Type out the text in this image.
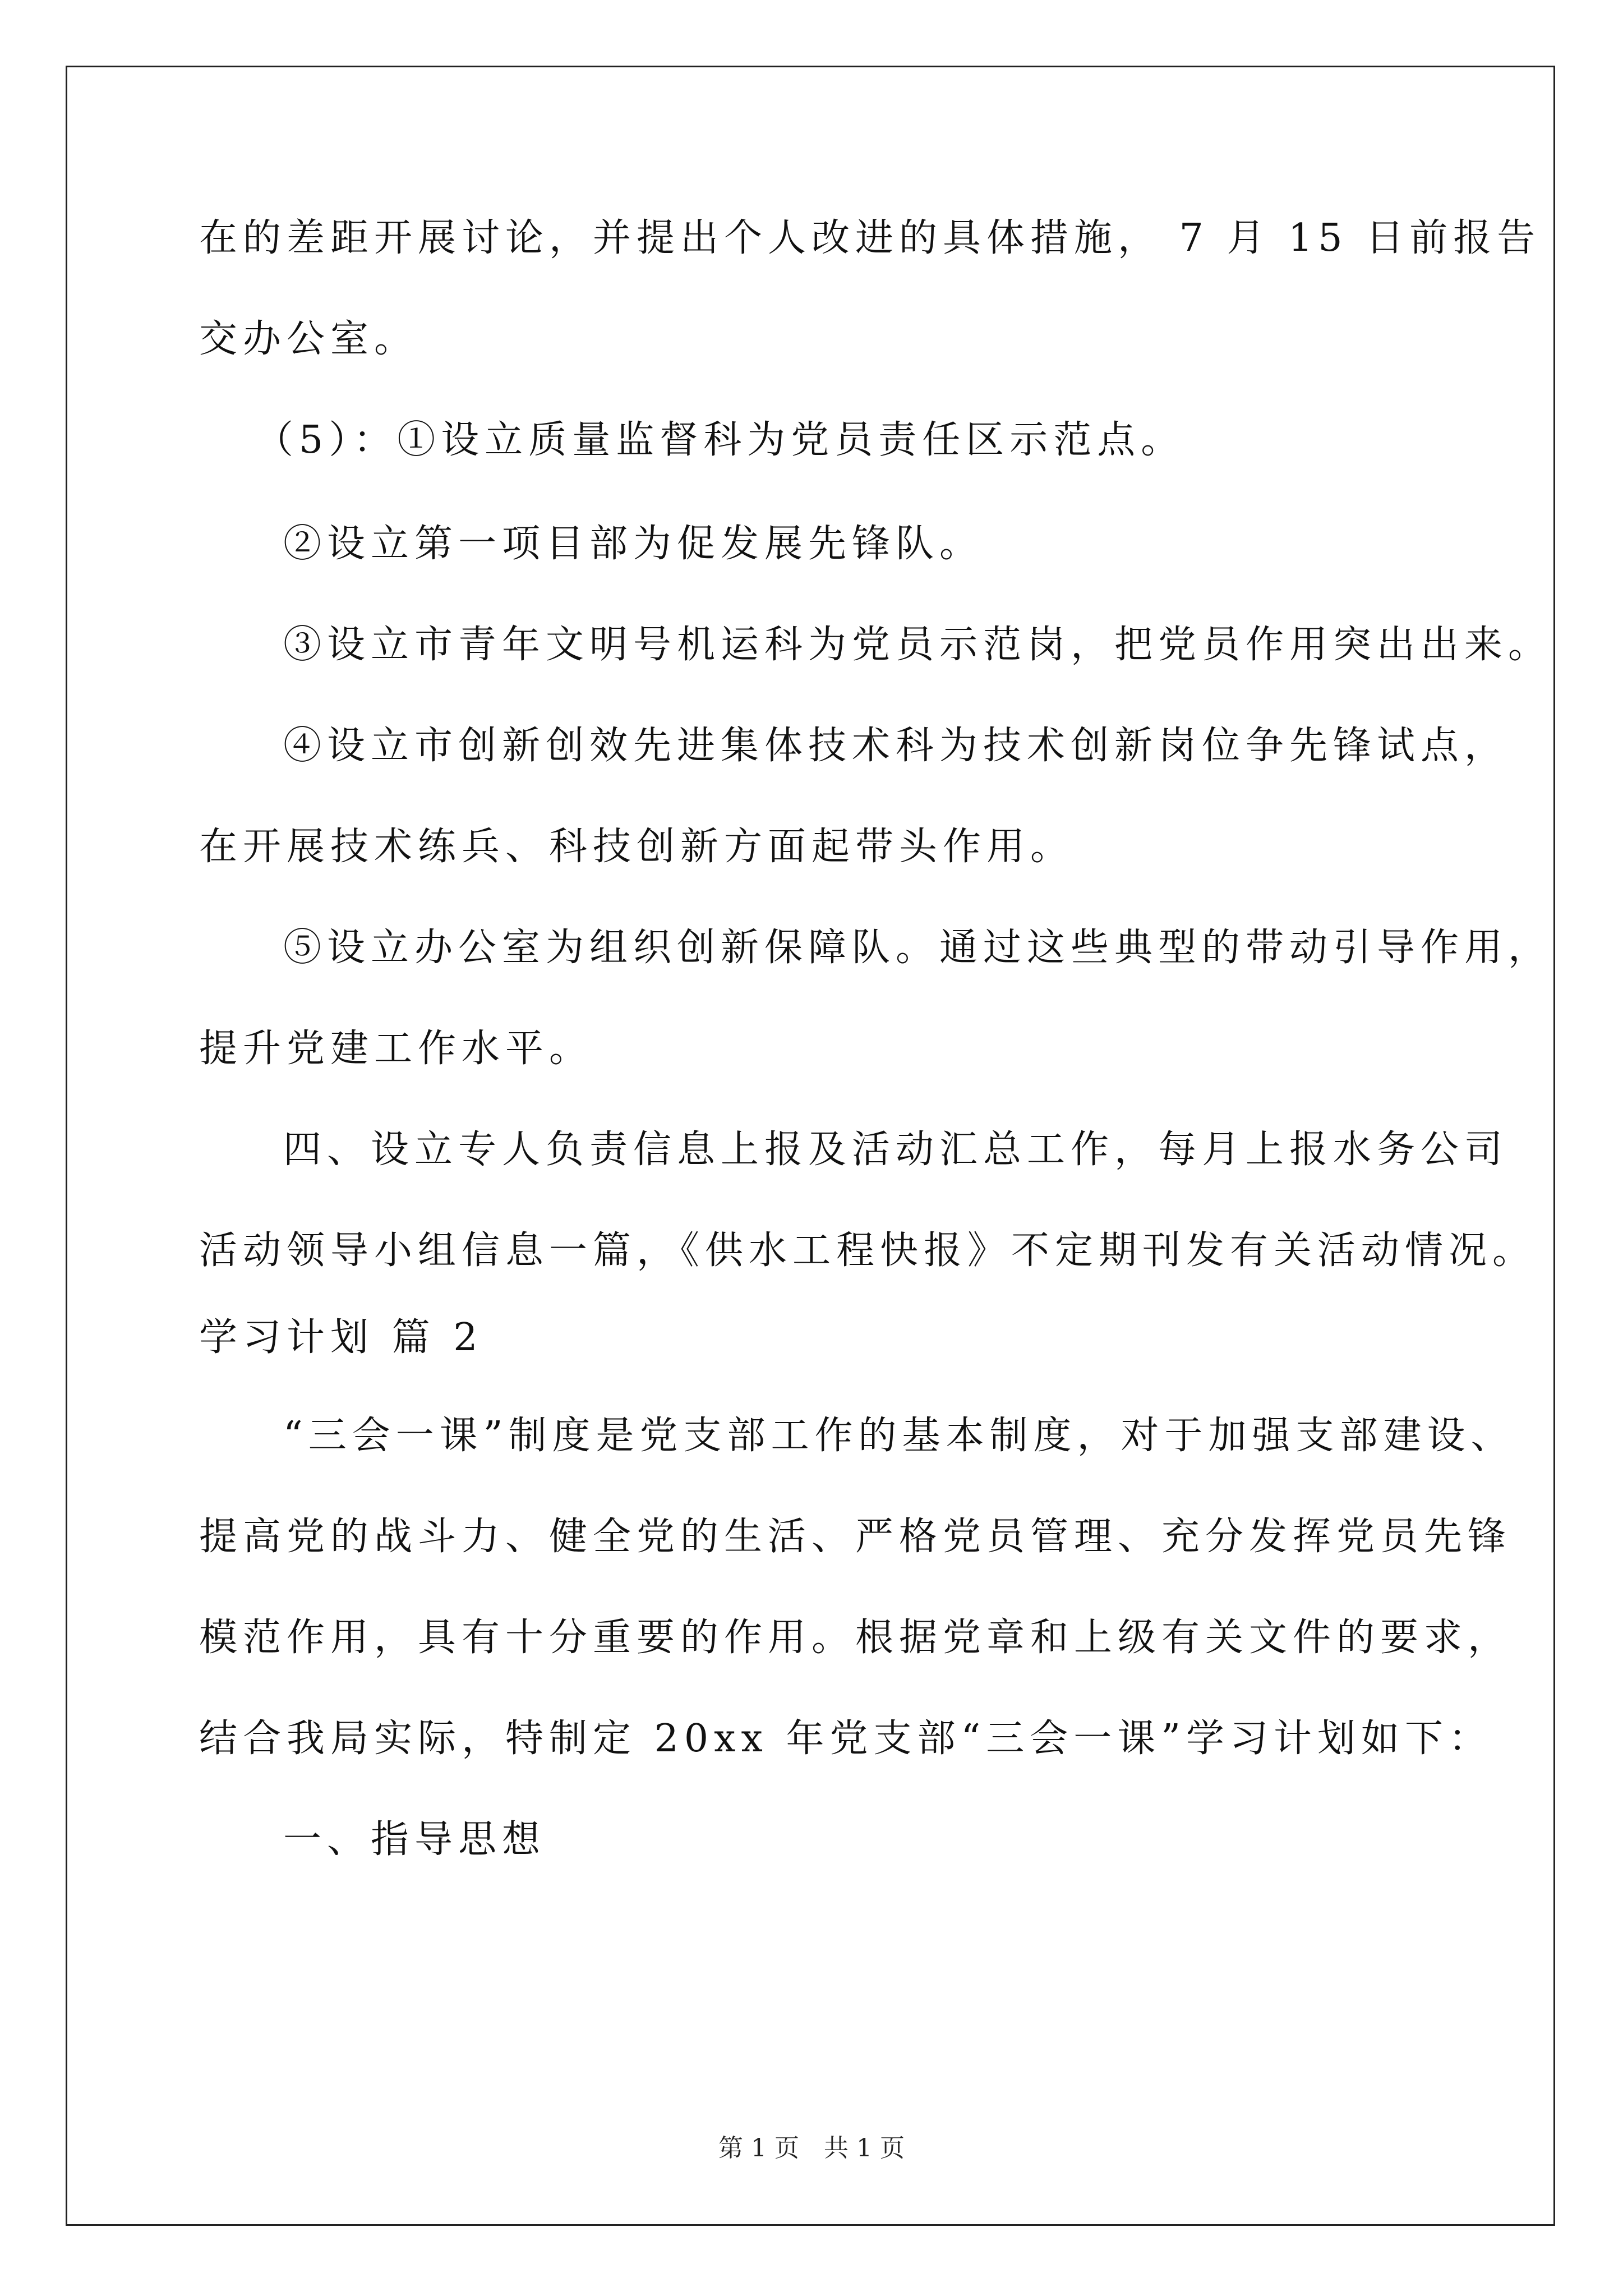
在的差距开展讨论，并提出个人改进的具体措施， 7 月 15 日前报告
交办公室。
（5）：①设立质量监督科为党员责任区示范点。
②设立第一项目部为促发展先锋队。
③设立市青年文明号机运科为党员示范岗，把党员作用突出出来。
④设立市创新创效先进集体技术科为技术创新岗位争先锋试点，
在开展技术练兵、科技创新方面起带头作用。
⑤设立办公室为组织创新保障队。通过这些典型的带动引导作用，
提升党建工作水平。
四、设立专人负责信息上报及活动汇总工作，每月上报水务公司
活动领导小组信息一篇，《供水工程快报》不定期刊发有关活动情况。
学习计划 篇 2
“三会一课”制度是党支部工作的基本制度，对于加强支部建设、
提高党的战斗力、健全党的生活、严格党员管理、充分发挥党员先锋
模范作用，具有十分重要的作用。根据党章和上级有关文件的要求，
结合我局实际，特制定 20xx 年党支部“三会一课”学习计划如下：
一、指导思想
第 1 页　共 1 页
